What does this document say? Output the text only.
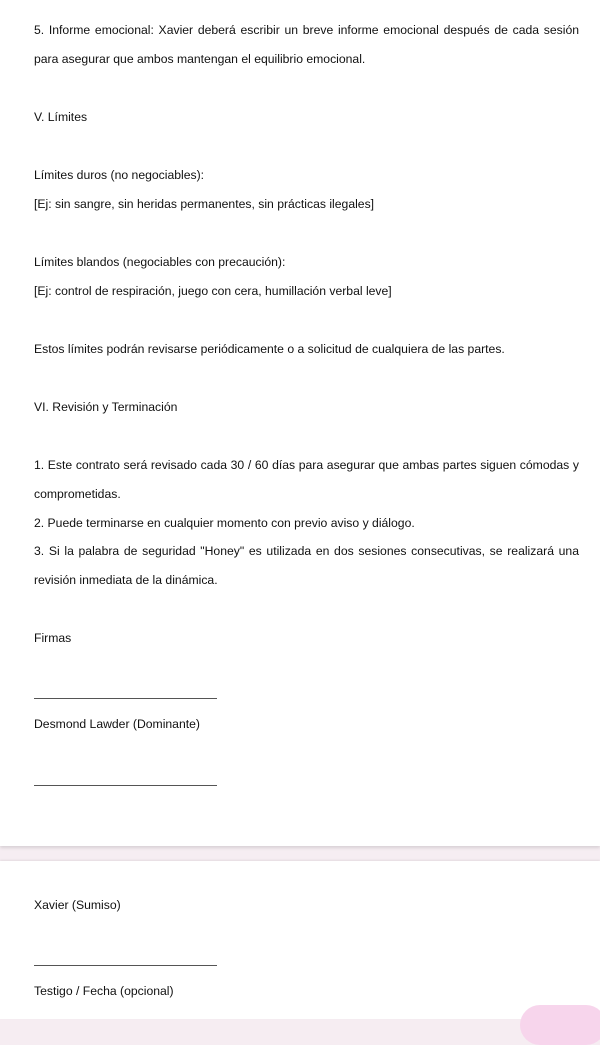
5. Informe emocional: Xavier deberá escribir un breve informe emocional después de cada sesión
para asegurar que ambos mantengan el equilibrio emocional.
V. Límites
Límites duros (no negociables):
[Ej: sin sangre, sin heridas permanentes, sin prácticas ilegales]
Límites blandos (negociables con precaución):
[Ej: control de respiración, juego con cera, humillación verbal leve]
Estos límites podrán revisarse periódicamente o a solicitud de cualquiera de las partes.
VI. Revisión y Terminación
1. Este contrato será revisado cada 30 / 60 días para asegurar que ambas partes siguen cómodas y
comprometidas.
2. Puede terminarse en cualquier momento con previo aviso y diálogo.
3. Si la palabra de seguridad "Honey" es utilizada en dos sesiones consecutivas, se realizará una
revisión inmediata de la dinámica.
Firmas
Desmond Lawder (Dominante)
Xavier (Sumiso)
Testigo / Fecha (opcional)
